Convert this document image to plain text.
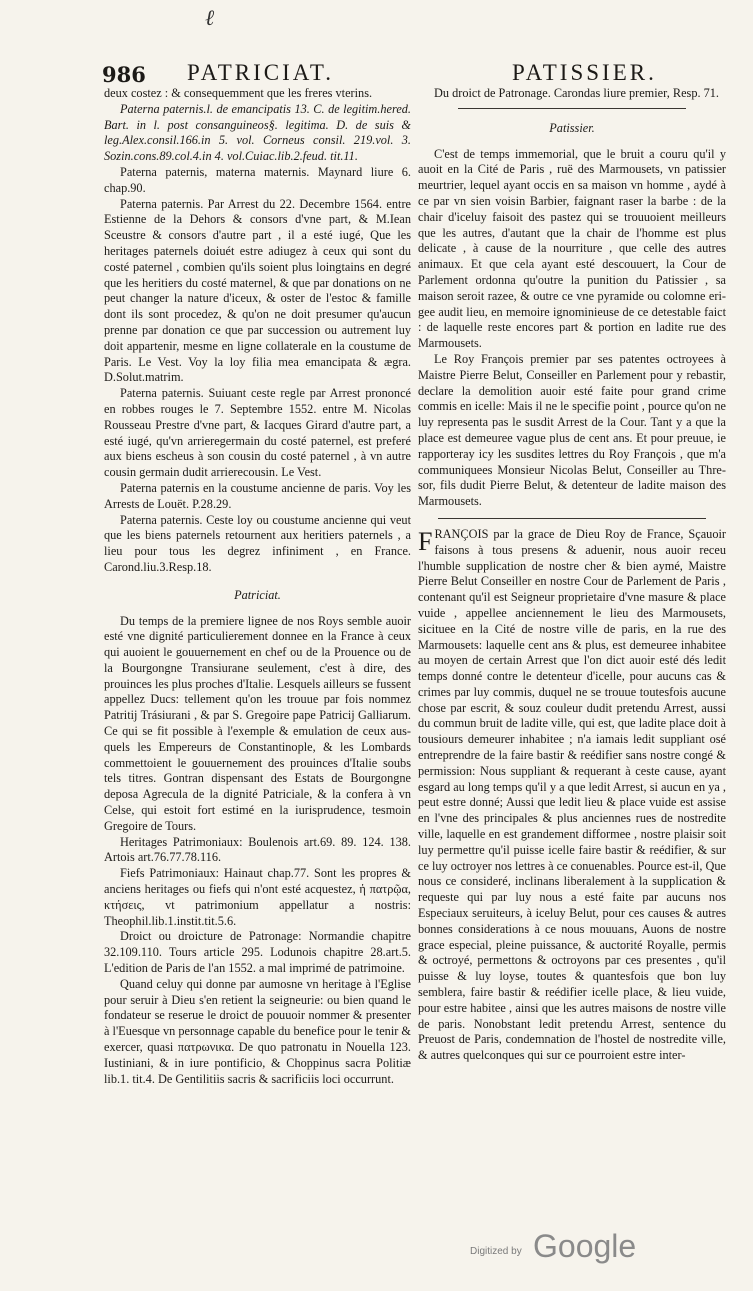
ℓ
986 PATRICIAT.	PATISSIER.

deux costez : & consequemment que les freres vterins.

Paterna paternis.l. de emancipatis 13. C. de legitim.hered. Bart. in l. post consanguineos§. legitima. D. de suis & leg.Alex.consil.166.in 5. vol. Corneus consil. 219.vol. 3. Sozin.cons.89.col.4.in 4. vol.Cuiac.lib.2.feud. tit.11.

Paterna paternis, materna maternis. Maynard liure 6. chap.90.

Paterna paternis. Par Arrest du 22. Decembre 1564. entre Estienne de la Dehors & consors d'vne part, & M.Iean Sceustre & consors d'autre part , il a esté iugé, Que les heritages paternels doiuét estre adiugez à ceux qui sont du costé paternel , combien qu'ils soient plus loingtains en degré que les heritiers du costé maternel, & que par donations on ne peut changer la nature d'iceux, & oster de l'estoc & famille dont ils sont procedez, & qu'on ne doit presumer qu'aucun prenne par donation ce que par succession ou autrement luy doit appartenir, mesme en ligne collaterale en la coustume de Paris. Le Vest. Voy la loy filia mea emancipata & ægra. D.Solut.matrim.

Paterna paternis. Suiuant ceste regle par Arrest prononcé en robbes rouges le 7. Septembre 1552. entre M. Nicolas Rousseau Prestre d'vne part, & Iacques Girard d'autre part, a esté iugé, qu'vn arrieregermain du costé paternel, est preferé aux biens escheus à son cousin du costé paternel , à vn autre cousin germain dudit arrierecousin. Le Vest.

Paterna paternis en la coustume ancienne de paris. Voy les Arrests de Louët. P.28.29.

Paterna paternis. Ceste loy ou coustume ancienne qui veut que les biens paternels retournent aux heritiers paternels , a lieu pour tous les degrez infiniment , en France. Carond.liu.3.Resp.18.

Patriciat.

Du temps de la premiere lignee de nos Roys semble auoir esté vne dignité particulierement donnee en la France à ceux qui auoient le gouuernement en chef ou de la Prouence ou de la Bourgongne Transiurane seulement, c'est à dire, des prouinces les plus proches d'Italie. Lesquels ailleurs se fussent appellez Ducs: tellement qu'on les trouue par fois nommez Patritij Trásiurani , & par S. Gregoire pape Patricij Galliarum. Ce qui se fit possible à l'exemple & emulation de ceux ausquels les Empereurs de Constantinople, & les Lombards commettoient le gouuernement des prouinces d'Italie soubs tels titres. Gontran dispensant des Estats de Bourgongne deposa Agrecula de la dignité Patriciale, & la confera à vn Celse, qui estoit fort estimé en la iurisprudence, tesmoin Gregoire de Tours.

Heritages Patrimoniaux: Boulenois art.69. 89. 124. 138. Artois art.76.77.78.116.

Fiefs Patrimoniaux: Hainaut chap.77. Sont les propres & anciens heritages ou fiefs qui n'ont esté acquestez, ἡ πατρῷα, κτήσεις, vt patrimonium appellatur a nostris: Theophil.lib.1.instit.tit.5.6.

Droict ou droicture de Patronage: Normandie chapitre 32.109.110. Tours article 295. Lodunois chapitre 28.art.5. L'edition de Paris de l'an 1552. a mal imprimé de patrimoine.

Quand celuy qui donne par aumosne vn heritage à l'Eglise pour seruir à Dieu s'en retient la seigneurie: ou bien quand le fondateur se reserue le droict de pouuoir nommer & presenter à l'Euesque vn personnage capable du benefice pour le tenir & exercer, quasi πατρωνικα. De quo patronatu in Nouella 123. Iustiniani, & in iure pontificio, & Choppinus sacra Politiæ lib.1. tit.4. De Gentilitiis sacris & sacrificiis loci occurrunt.

Du droict de Patronage. Carondas liure premier, Resp. 71.

Patissier.

C'est de temps immemorial, que le bruit a couru qu'il y auoit en la Cité de Paris , ruë des Marmousets, vn patissier meurtrier, lequel ayant occis en sa maison vn homme , aydé à ce par vn sien voisin Barbier, faignant raser la barbe : de la chair d'iceluy faisoit des pastez qui se trouuoient meilleurs que les autres, d'autant que la chair de l'homme est plus delicate , à cause de la nourriture , que celle des autres animaux. Et que cela ayant esté descouuert, la Cour de Parlement ordonna qu'outre la punition du Patissier , sa maison seroit razee, & outre ce vne pyramide ou colomne erigee audit lieu, en memoire ignominieuse de ce detestable faict : de laquelle reste encores part & portion en ladite rue des Marmousets.

Le Roy François premier par ses patentes octroyees à Maistre Pierre Belut, Conseiller en Parlement pour y rebastir, declare la demolition auoir esté faite pour grand crime commis en icelle: Mais il ne le specifie point , pource qu'on ne luy representa pas le susdit Arrest de la Cour. Tant y a que la place est demeuree vague plus de cent ans. Et pour preuue, ie rapporteray icy les susdites lettres du Roy François , que m'a communiquees Monsieur Nicolas Belut, Conseiller au Thresor, fils dudit Pierre Belut, & detenteur de ladite maison des Marmousets.

FRANÇOIS par la grace de Dieu Roy de France, Sçauoir faisons à tous presens & aduenir, nous auoir receu l'humble supplication de nostre cher & bien aymé, Maistre Pierre Belut Conseiller en nostre Cour de Parlement de Paris , contenant qu'il est Seigneur proprietaire d'vne masure & place vuide , appellee anciennement le lieu des Marmousets, sicituee en la Cité de nostre ville de paris, en la rue des Marmousets: laquelle cent ans & plus, est demeuree inhabitee au moyen de certain Arrest que l'on dict auoir esté dés ledit temps donné contre le detenteur d'icelle, pour aucuns cas & crimes par luy commis, duquel ne se trouue toutesfois aucune chose par escrit, & souz couleur dudit pretendu Arrest, aussi du commun bruit de ladite ville, qui est, que ladite place doit à tousiours demeurer inhabitee ; n'a iamais ledit suppliant osé entreprendre de la faire bastir & reédifier sans nostre congé & permission: Nous suppliant & requerant à ceste cause, ayant esgard au long temps qu'il y a que ledit Arrest, si aucun en ya , peut estre donné; Aussi que ledit lieu & place vuide est assise en l'vne des principales & plus anciennes rues de nostredite ville, laquelle en est grandement difformee , nostre plaisir soit luy permettre qu'il puisse icelle faire bastir & reédifier, & sur ce luy octroyer nos lettres à ce conuenables. Pource est-il, Que nous ce consideré, inclinans liberalement à la supplication & requeste qui par luy nous a esté faite par aucuns nos Especiaux seruiteurs, à iceluy Belut, pour ces causes & autres bonnes considerations à ce nous mouuans, Auons de nostre grace especial, pleine puissance, & auctorité Royalle, permis & octroyé, permettons & octroyons par ces presentes , qu'il puisse & luy loyse, toutes & quantesfois que bon luy semblera, faire bastir & reédifier icelle place, & lieu vuide, pour estre habitee , ainsi que les autres maisons de nostre ville de paris. Nonobstant ledit pretendu Arrest, sentence du Preuost de Paris, condemnation de l'hostel de nostredite ville, & autres quelconques qui sur ce pourroient estre inter-

Digitized by Google
